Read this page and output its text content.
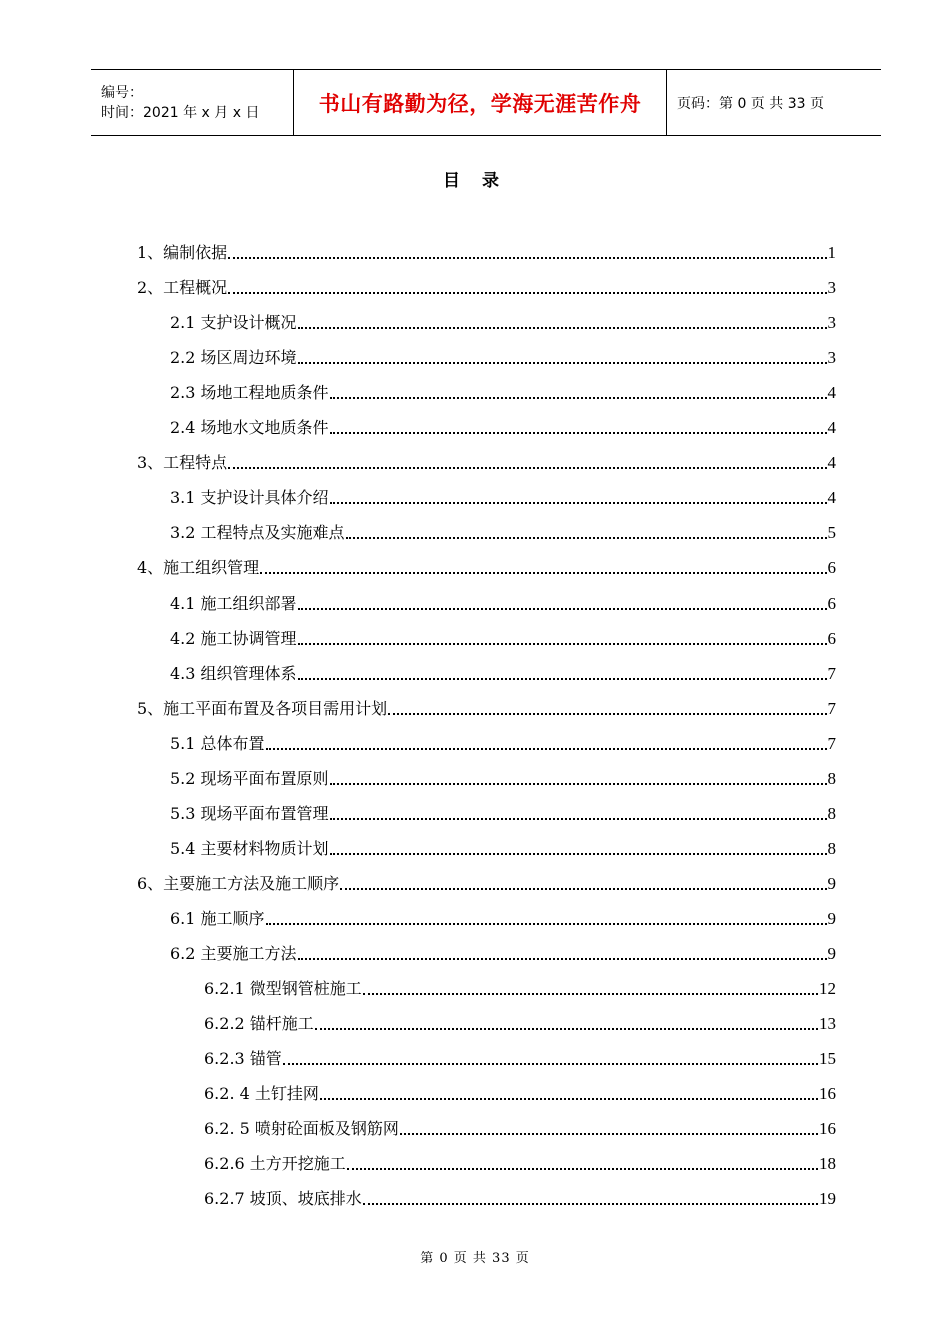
编号：
时间：2021 年 x 月 x 日	书山有路勤为径，学海无涯苦作舟	页码：第 0 页 共 33 页
目 录
1、编制依据	1
2、工程概况	3
2.1 支护设计概况	3
2.2 场区周边环境	3
2.3 场地工程地质条件	4
2.4 场地水文地质条件	4
3、工程特点	4
3.1 支护设计具体介绍	4
3.2 工程特点及实施难点	5
4、施工组织管理	6
4.1 施工组织部署	6
4.2 施工协调管理	6
4.3 组织管理体系	7
5、施工平面布置及各项目需用计划	7
5.1 总体布置	7
5.2 现场平面布置原则	8
5.3 现场平面布置管理	8
5.4 主要材料物质计划	8
6、主要施工方法及施工顺序	9
6.1 施工顺序	9
6.2 主要施工方法	9
6.2.1 微型钢管桩施工	12
6.2.2 锚杆施工	13
6.2.3 锚管	15
6.2. 4 土钉挂网	16
6.2. 5 喷射砼面板及钢筋网	16
6.2.6 土方开挖施工	18
6.2.7 坡顶、坡底排水	19
第 0 页 共 33 页
